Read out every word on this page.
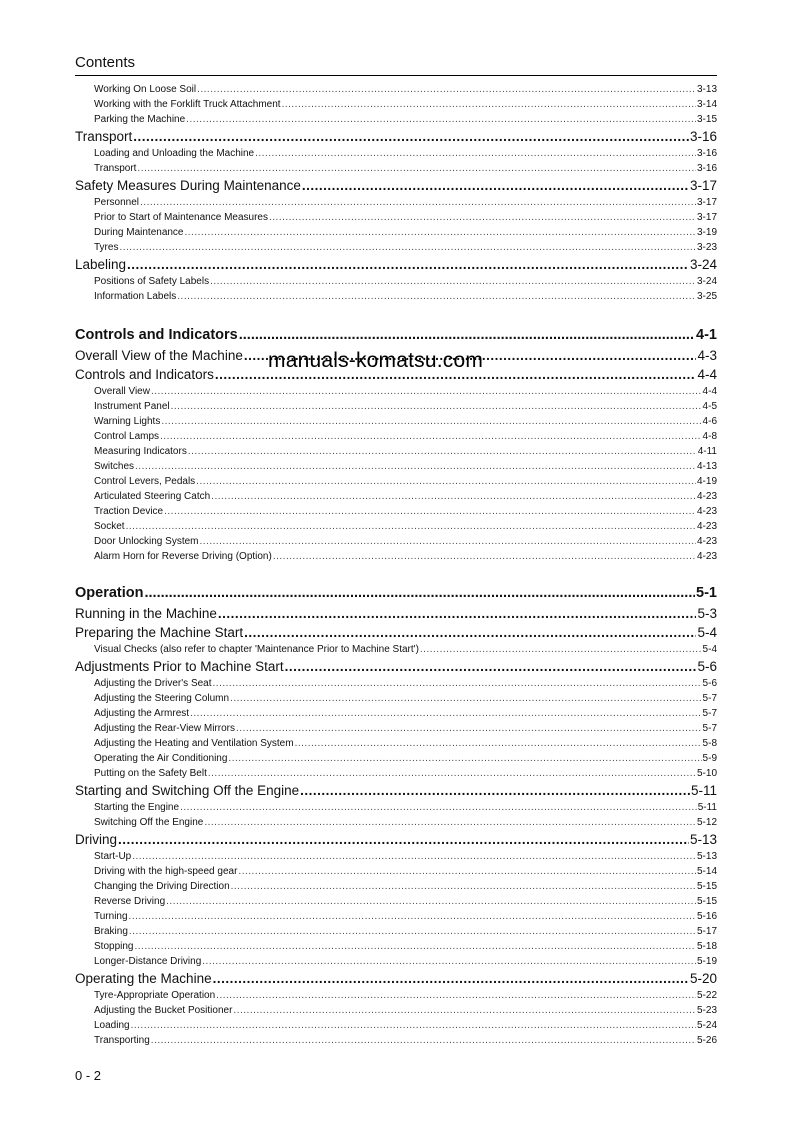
Contents
Working On Loose Soil .....	3-13
Working with the Forklift Truck Attachment .....	3-14
Parking the Machine .....	3-15
Transport .....	3-16
Loading and Unloading the Machine .....	3-16
Transport .....	3-16
Safety Measures During Maintenance .....	3-17
Personnel .....	3-17
Prior to Start of Maintenance Measures .....	3-17
During Maintenance .....	3-19
Tyres .....	3-23
Labeling .....	3-24
Positions of Safety Labels .....	3-24
Information Labels .....	3-25
Controls and Indicators .....	4-1
Overall View of the Machine .....	4-3
Controls and Indicators .....	4-4
Overall View .....	4-4
Instrument Panel .....	4-5
Warning Lights .....	4-6
Control Lamps .....	4-8
Measuring Indicators .....	4-11
Switches .....	4-13
Control Levers, Pedals .....	4-19
Articulated Steering Catch .....	4-23
Traction Device .....	4-23
Socket .....	4-23
Door Unlocking System .....	4-23
Alarm Horn for Reverse Driving (Option) .....	4-23
Operation .....	5-1
Running in the Machine .....	5-3
Preparing the Machine Start .....	5-4
Visual Checks (also refer to chapter 'Maintenance Prior to Machine Start') .....	5-4
Adjustments Prior to Machine Start .....	5-6
Adjusting the Driver's Seat .....	5-6
Adjusting the Steering Column .....	5-7
Adjusting the Armrest .....	5-7
Adjusting the Rear-View Mirrors .....	5-7
Adjusting the Heating and Ventilation System .....	5-8
Operating the Air Conditioning .....	5-9
Putting on the Safety Belt .....	5-10
Starting and Switching Off the Engine .....	5-11
Starting the Engine .....	5-11
Switching Off the Engine .....	5-12
Driving .....	5-13
Start-Up .....	5-13
Driving with the high-speed gear .....	5-14
Changing the Driving Direction .....	5-15
Reverse Driving .....	5-15
Turning .....	5-16
Braking .....	5-17
Stopping .....	5-18
Longer-Distance Driving .....	5-19
Operating the Machine .....	5-20
Tyre-Appropriate Operation .....	5-22
Adjusting the Bucket Positioner .....	5-23
Loading .....	5-24
Transporting .....	5-26
manuals-komatsu.com
0 - 2
